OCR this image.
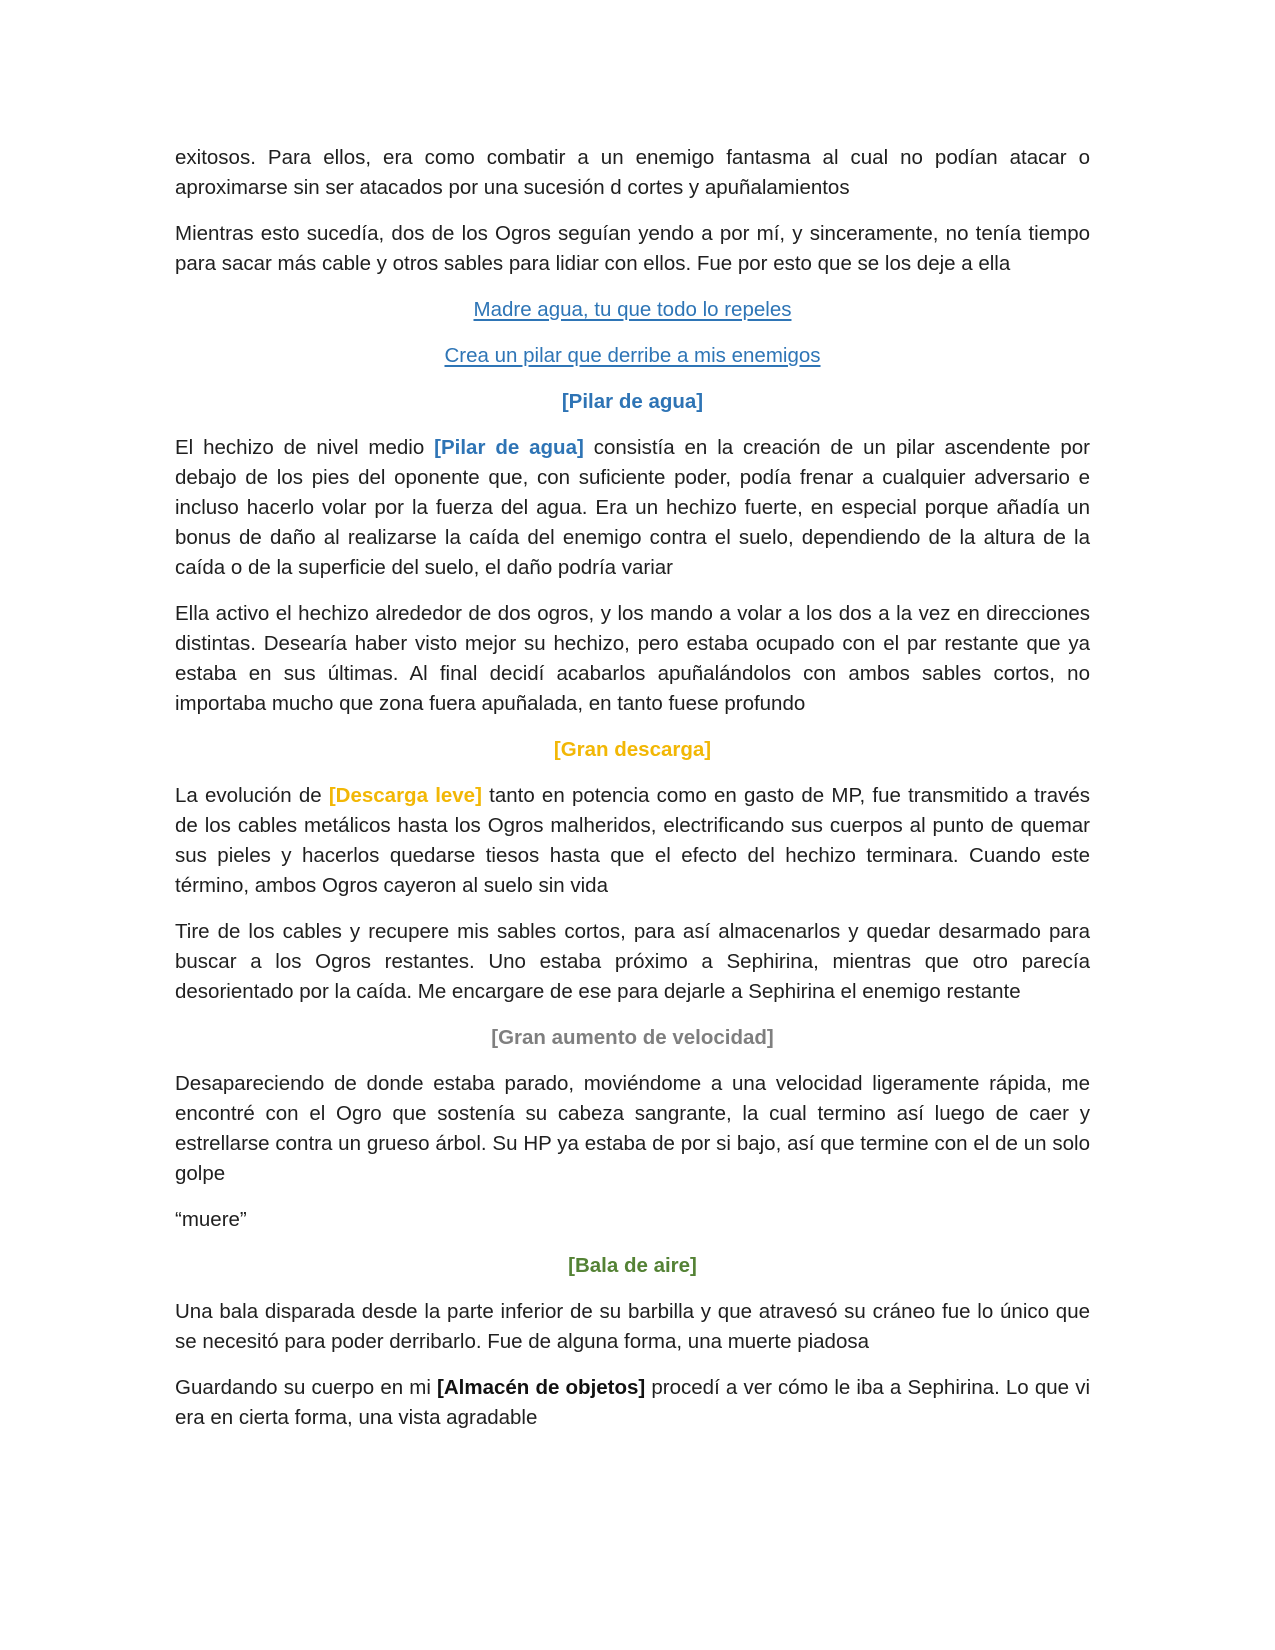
exitosos. Para ellos, era como combatir a un enemigo fantasma al cual no podían atacar o aproximarse sin ser atacados por una sucesión d cortes y apuñalamientos

Mientras esto sucedía, dos de los Ogros seguían yendo a por mí, y sinceramente, no tenía tiempo para sacar más cable y otros sables para lidiar con ellos. Fue por esto que se los deje a ella

Madre agua, tu que todo lo repeles

Crea un pilar que derribe a mis enemigos

[Pilar de agua]

El hechizo de nivel medio [Pilar de agua] consistía en la creación de un pilar ascendente por debajo de los pies del oponente que, con suficiente poder, podía frenar a cualquier adversario e incluso hacerlo volar por la fuerza del agua. Era un hechizo fuerte, en especial porque añadía un bonus de daño al realizarse la caída del enemigo contra el suelo, dependiendo de la altura de la caída o de la superficie del suelo, el daño podría variar

Ella activo el hechizo alrededor de dos ogros, y los mando a volar a los dos a la vez en direcciones distintas. Desearía haber visto mejor su hechizo, pero estaba ocupado con el par restante que ya estaba en sus últimas. Al final decidí acabarlos apuñalándolos con ambos sables cortos, no importaba mucho que zona fuera apuñalada, en tanto fuese profundo

[Gran descarga]

La evolución de [Descarga leve] tanto en potencia como en gasto de MP, fue transmitido a través de los cables metálicos hasta los Ogros malheridos, electrificando sus cuerpos al punto de quemar sus pieles y hacerlos quedarse tiesos hasta que el efecto del hechizo terminara. Cuando este término, ambos Ogros cayeron al suelo sin vida

Tire de los cables y recupere mis sables cortos, para así almacenarlos y quedar desarmado para buscar a los Ogros restantes. Uno estaba próximo a Sephirina, mientras que otro parecía desorientado por la caída. Me encargare de ese para dejarle a Sephirina el enemigo restante

[Gran aumento de velocidad]

Desapareciendo de donde estaba parado, moviéndome a una velocidad ligeramente rápida, me encontré con el Ogro que sostenía su cabeza sangrante, la cual termino así luego de caer y estrellarse contra un grueso árbol. Su HP ya estaba de por si bajo, así que termine con el de un solo golpe

“muere”

[Bala de aire]

Una bala disparada desde la parte inferior de su barbilla y que atravesó su cráneo fue lo único que se necesitó para poder derribarlo. Fue de alguna forma, una muerte piadosa

Guardando su cuerpo en mi [Almacén de objetos] procedí a ver cómo le iba a Sephirina. Lo que vi era en cierta forma, una vista agradable
